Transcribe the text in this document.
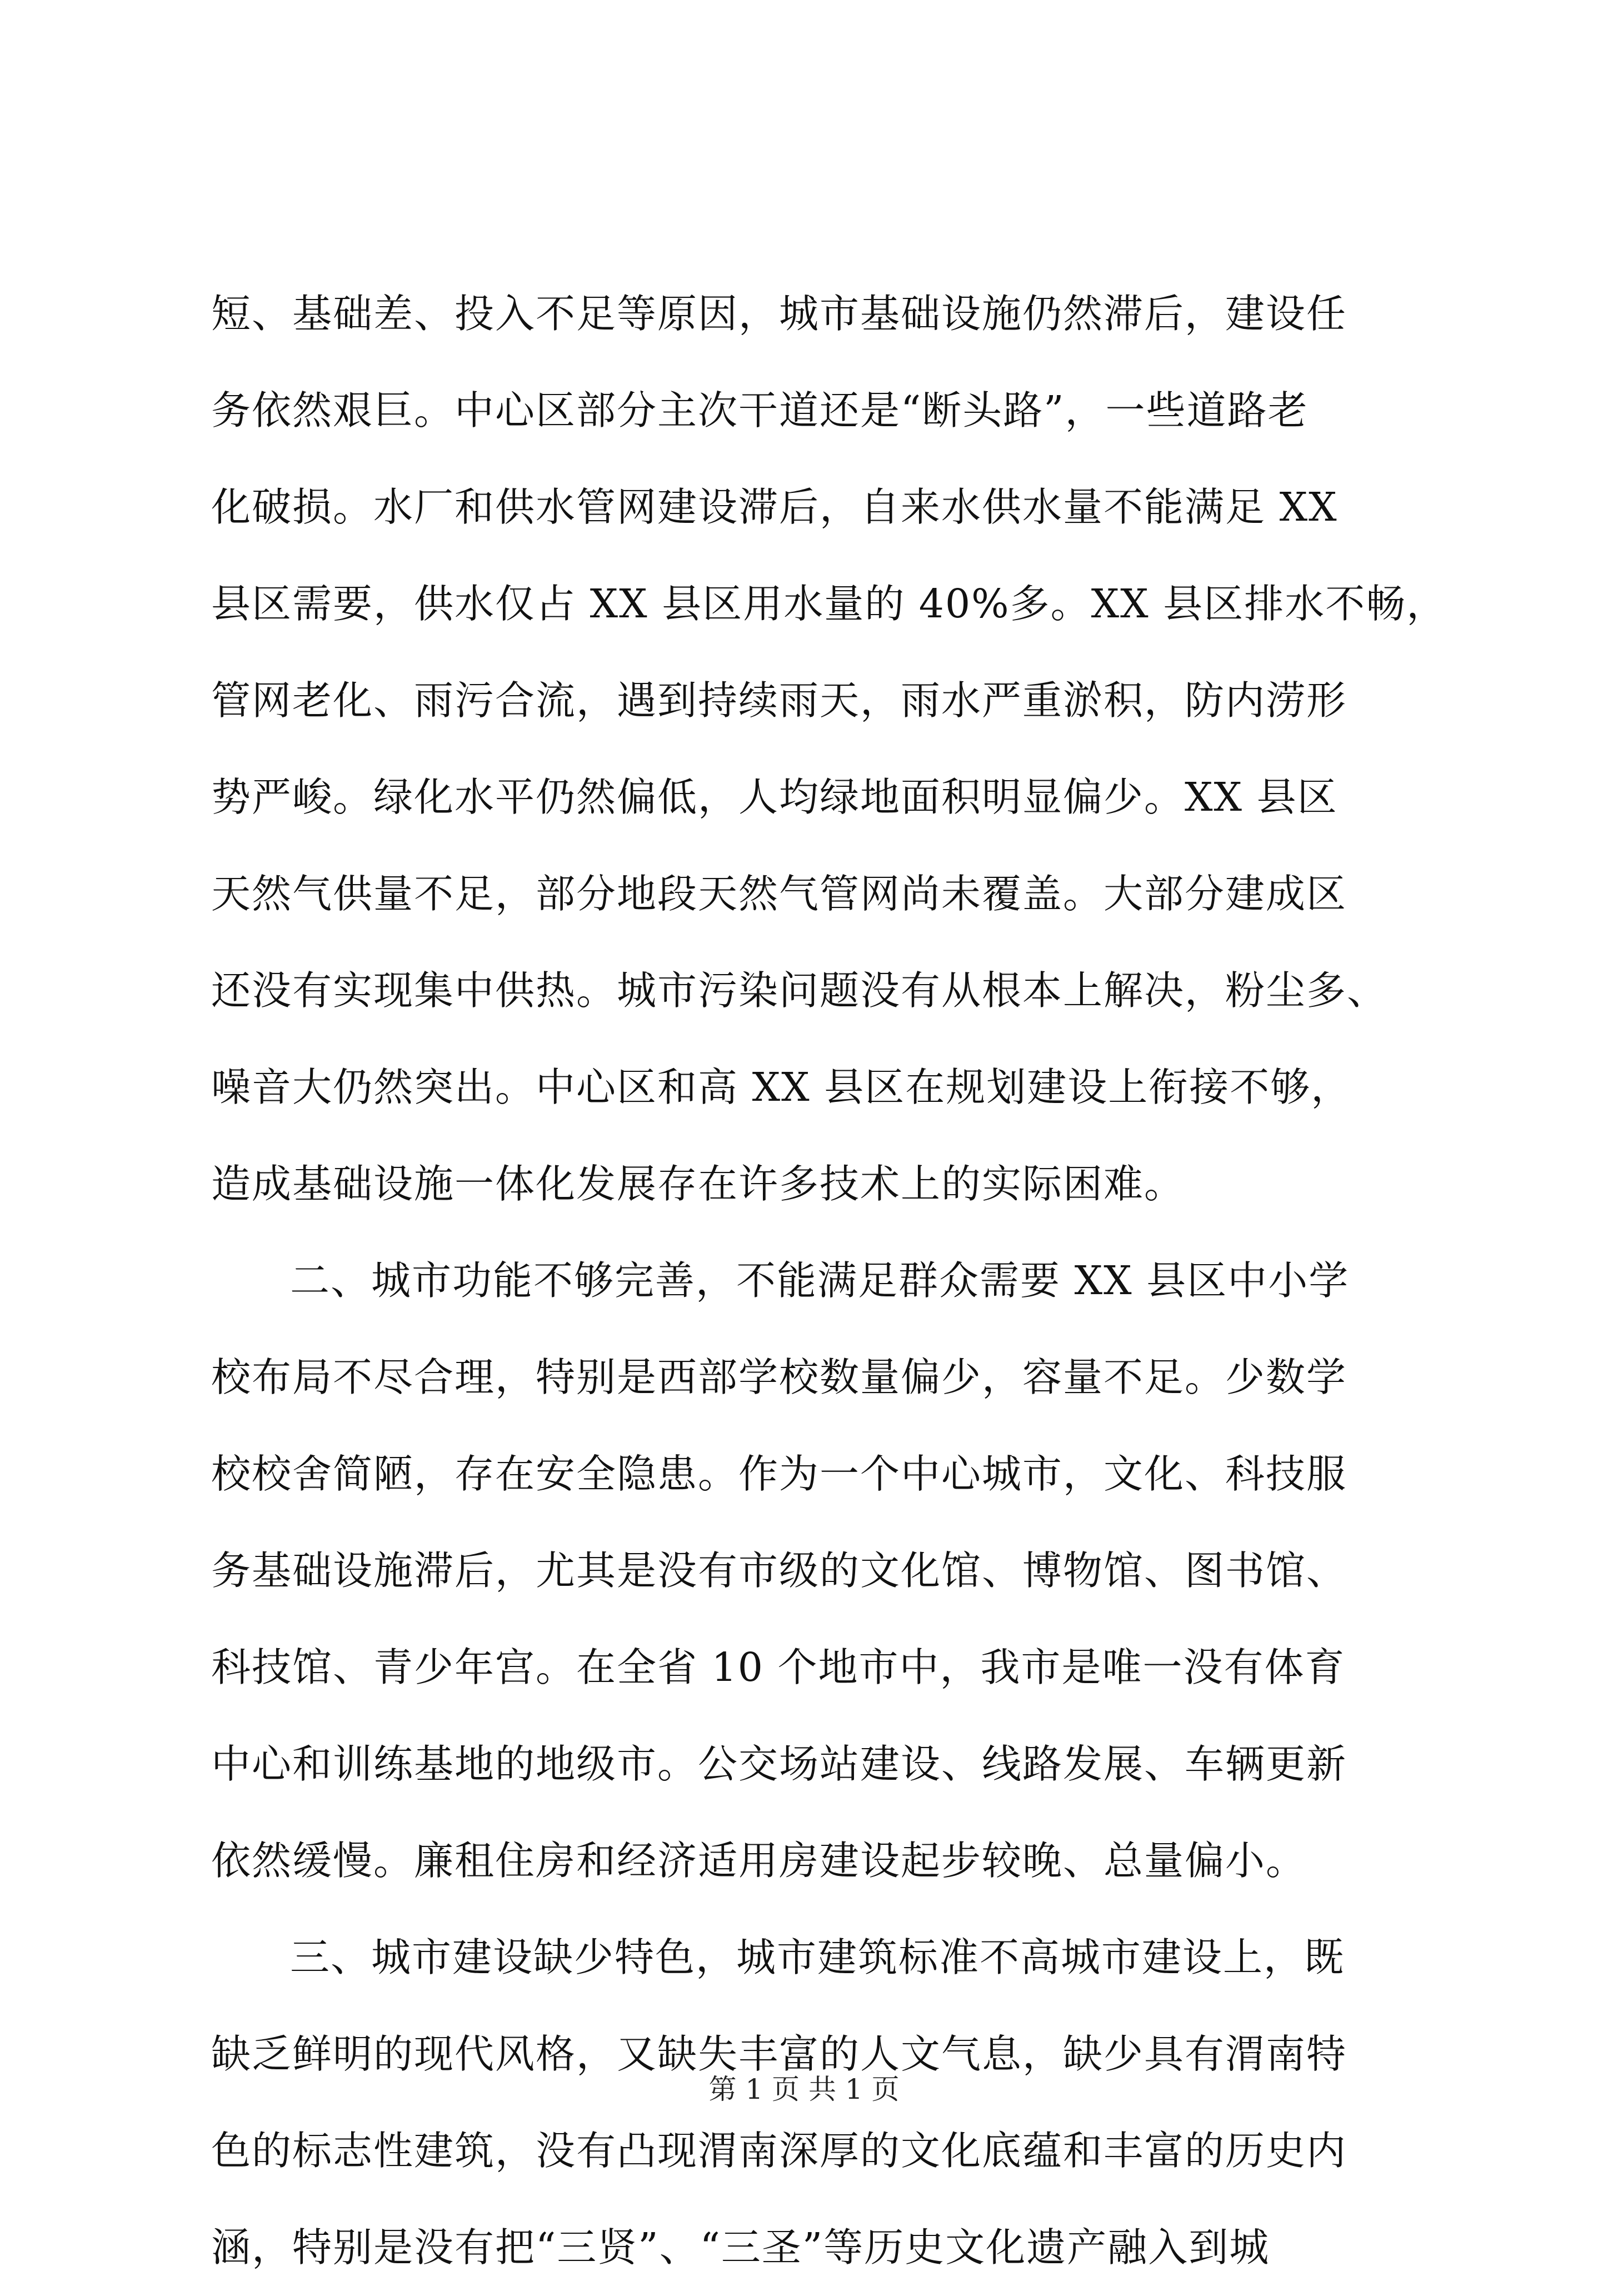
短、基础差、投入不足等原因，城市基础设施仍然滞后，建设任
务依然艰巨。中心区部分主次干道还是“断头路”，一些道路老
化破损。水厂和供水管网建设滞后，自来水供水量不能满足 XX
县区需要，供水仅占 XX 县区用水量的 40%多。XX 县区排水不畅，
管网老化、雨污合流，遇到持续雨天，雨水严重淤积，防内涝形
势严峻。绿化水平仍然偏低，人均绿地面积明显偏少。XX 县区
天然气供量不足，部分地段天然气管网尚未覆盖。大部分建成区
还没有实现集中供热。城市污染问题没有从根本上解决，粉尘多、
噪音大仍然突出。中心区和高 XX 县区在规划建设上衔接不够，
造成基础设施一体化发展存在许多技术上的实际困难。
二、城市功能不够完善，不能满足群众需要 XX 县区中小学
校布局不尽合理，特别是西部学校数量偏少，容量不足。少数学
校校舍简陋，存在安全隐患。作为一个中心城市，文化、科技服
务基础设施滞后，尤其是没有市级的文化馆、博物馆、图书馆、
科技馆、青少年宫。在全省 10 个地市中，我市是唯一没有体育
中心和训练基地的地级市。公交场站建设、线路发展、车辆更新
依然缓慢。廉租住房和经济适用房建设起步较晚、总量偏小。
三、城市建设缺少特色，城市建筑标准不高城市建设上，既
缺乏鲜明的现代风格，又缺失丰富的人文气息，缺少具有渭南特
色的标志性建筑，没有凸现渭南深厚的文化底蕴和丰富的历史内
涵，特别是没有把“三贤”、“三圣”等历史文化遗产融入到城
第 1 页 共 1 页
